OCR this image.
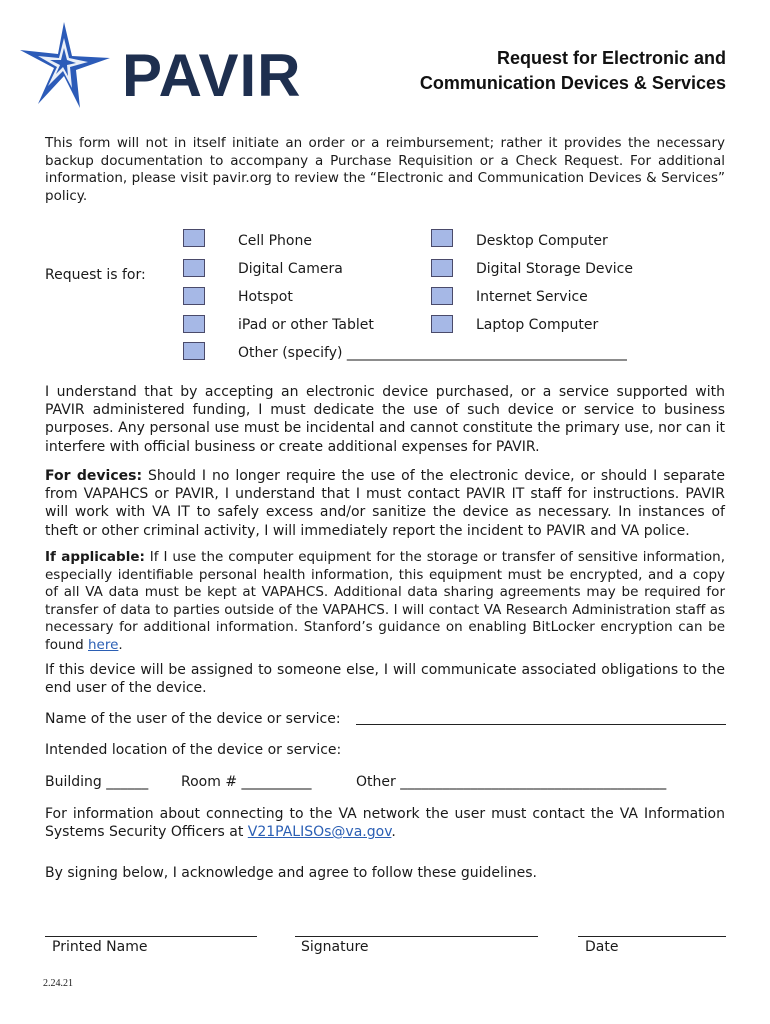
PAVIR	Request for Electronic and
Communication Devices & Services
This form will not in itself initiate an order or a reimbursement; rather it provides the necessary backup documentation to accompany a Purchase Requisition or a Check Request. For additional information, please visit pavir.org to review the “Electronic and Communication Devices & Services” policy.
Request is for:
Cell Phone
Digital Camera
Hotspot
iPad or other Tablet
Other (specify) ________________________________________
Desktop Computer
Digital Storage Device
Internet Service
Laptop Computer
I understand that by accepting an electronic device purchased, or a service supported with PAVIR administered funding, I must dedicate the use of such device or service to business purposes. Any personal use must be incidental and cannot constitute the primary use, nor can it interfere with official business or create additional expenses for PAVIR.
For devices: Should I no longer require the use of the electronic device, or should I separate from VAPAHCS or PAVIR, I understand that I must contact PAVIR IT staff for instructions. PAVIR will work with VA IT to safely excess and/or sanitize the device as necessary. In instances of theft or other criminal activity, I will immediately report the incident to PAVIR and VA police.
If applicable: If I use the computer equipment for the storage or transfer of sensitive information, especially identifiable personal health information, this equipment must be encrypted, and a copy of all VA data must be kept at VAPAHCS. Additional data sharing agreements may be required for transfer of data to parties outside of the VAPAHCS. I will contact VA Research Administration staff as necessary for additional information. Stanford’s guidance on enabling BitLocker encryption can be found here.
If this device will be assigned to someone else, I will communicate associated obligations to the end user of the device.
Name of the user of the device or service:
Intended location of the device or service:
Building ______ Room # __________	Other ______________________________________
For information about connecting to the VA network the user must contact the VA Information Systems Security Officers at V21PALISOs@va.gov.
By signing below, I acknowledge and agree to follow these guidelines.
Printed Name	Signature	Date
2.24.21
